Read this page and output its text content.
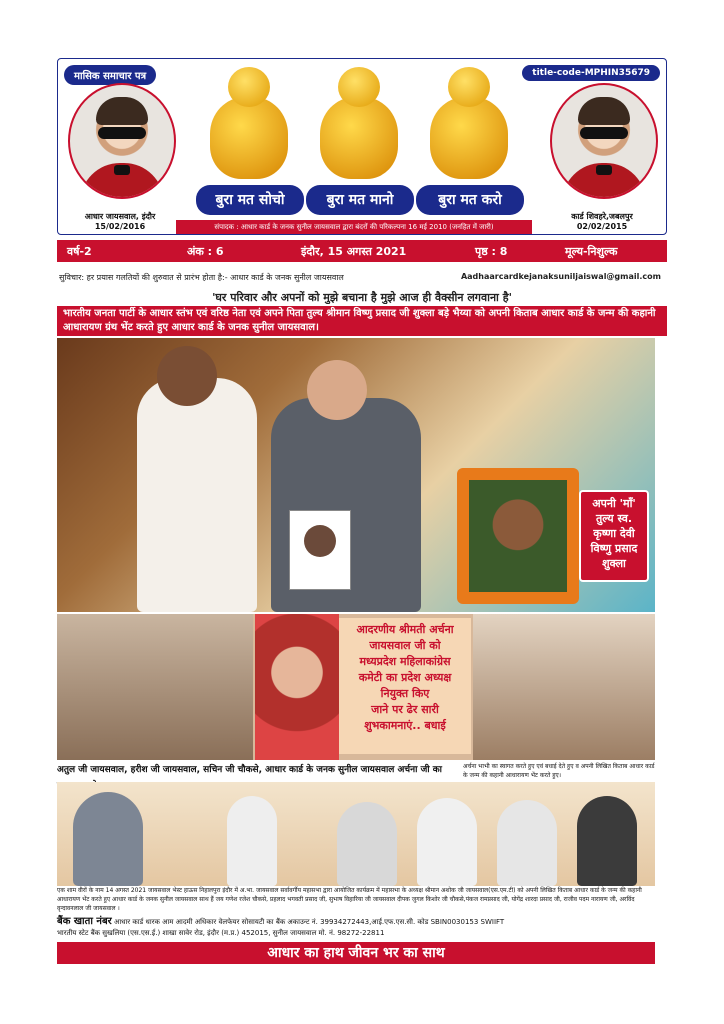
मासिक समाचार पत्र	title-code-MPHIN35679
आधार जायसवाल, इंदौर
15/02/2016
बुरा मत सोचो	बुरा मत मानो	बुरा मत करो
संपादक : आधार कार्ड के जनक सुनील जायसवाल द्वारा बंदरों की परिकल्पना 16 मई 2010 (जनहित में जारी)
कार्ड शिवहरे,जबलपुर
02/02/2015
वर्ष-2	अंक : 6	इंदौर, 15 अगस्त 2021	पृष्ठ : 8	मूल्य-निशुल्क
सुविचार: हर प्रयास गलतियों की शुरुवात से प्रारंभ होता है:- आधार कार्ड के जनक सुनील जायसवाल	Aadhaarcardkejanaksuniljaiswal@gmail.com
'घर परिवार और अपनों को मुझे बचाना है मुझे आज ही वैक्सीन लगवाना है'
भारतीय जनता पार्टी के आधार स्तंभ एवं वरिष्ठ नेता एवं अपने पिता तुल्य श्रीमान विष्णु प्रसाद जी शुक्ला बड़े भैय्या को अपनी किताब आधार कार्ड के जन्म की कहानी आधारायण ग्रंथ भेंट करते हुए आधार कार्ड के जनक सुनील जायसवाल।
अपनी 'माँ'
तुल्य स्व.
कृष्णा देवी
विष्णु प्रसाद
शुक्ला
आदरणीय श्रीमती अर्चना
जायसवाल जी को
मध्यप्रदेश महिलाकांग्रेस
कमेटी का प्रदेश अध्यक्ष
नियुक्त किए
जाने पर ढेर सारी
शुभकामनाएं.. बधाई
अतुल जी जायसवाल, हरीश जी जायसवाल, सचिन जी चौकसे, आधार कार्ड के जनक सुनील जायसवाल अर्चना जी का	अर्चना भाभी का स्वागत करते हुए एवं बधाई देते हुए व अपनी लिखित किताब आधार कार्ड के जन्म की कहानी आधारायण भेंट करते हुए।
एक शाम वीरों के नाम 14 अगस्त 2021 जायसवाल भेस्ट हाऊस निहालपुरा इंदौर में अ.भा. जायसवाल सर्वावर्गीय महासभा द्वारा आयोजित कार्यक्रम में महासभा के अध्यक्ष श्रीमान अशोक जी जायसवाल(एस.एम.टी) को अपनी लिखित किताब आधार कार्ड के जन्म की कहानी आधारायण भेंट करते हुए आधार कार्ड के जनक सुनील जायसवाल साथ हैं जय गणेश रजेश चौकसे, प्रहलाद भगवती प्रसाद जी, सुभाष विहारिया जी जायसवाल दीपक जुगल किशोर जी चौकसे,पंकज रामप्रसाद जी, योगेंद्र शारदा प्रसाद जी, राजीव पदम नारायण जी, अरविंद वृन्दावनलाल जी जायसवाल ।
बैंक खाता नंबर आधार कार्ड धारक आम आदमी अधिकार वेलफेयर सोसायटी का बैंक अकाउन्ट नं. 39934272443,आई.एफ.एस.सी. कोड SBIN0030153 SWIIFT
भारतीय स्टेट बैंक सुखलिया (एस.एस.ई.) शाखा सावेर रोड, इंदौर (म.प्र.) 452015, सुनील जायसवाल मो. नं. 98272-22811
आधार का हाथ जीवन भर का साथ
